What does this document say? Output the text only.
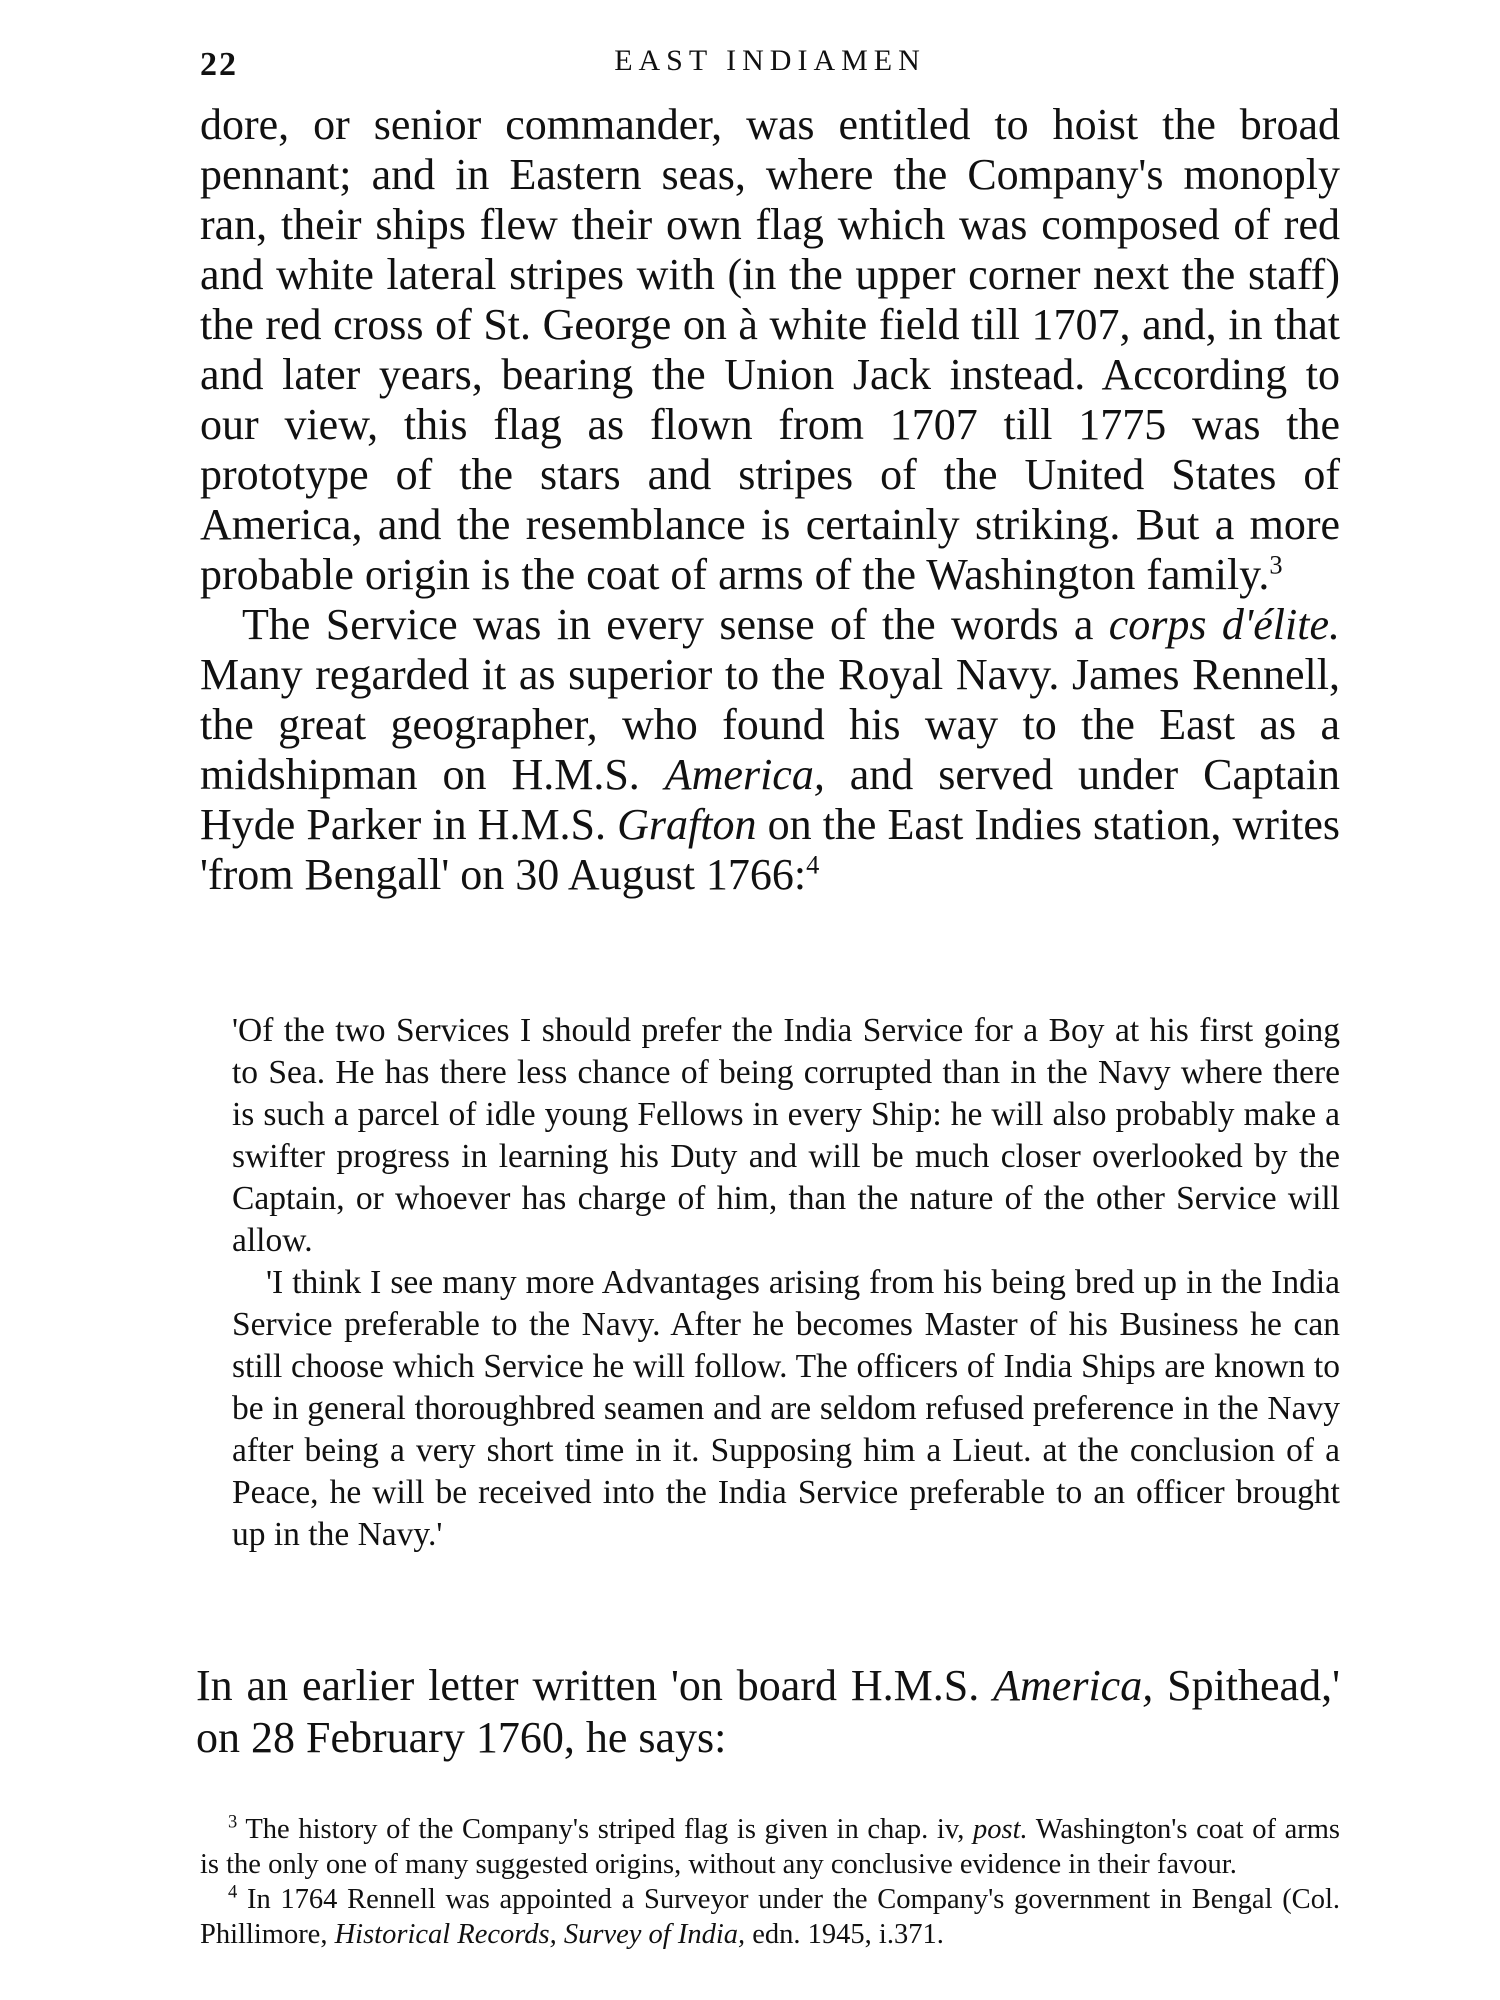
22	EAST INDIAMEN

dore, or senior commander, was entitled to hoist the broad pennant; and in Eastern seas, where the Company's monoply ran, their ships flew their own flag which was composed of red and white lateral stripes with (in the upper corner next the staff) the red cross of St. George on à white field till 1707, and, in that and later years, bearing the Union Jack instead. According to our view, this flag as flown from 1707 till 1775 was the prototype of the stars and stripes of the United States of America, and the resemblance is certainly striking. But a more probable origin is the coat of arms of the Washington family.$^3$

The Service was in every sense of the words a corps d'élite. Many regarded it as superior to the Royal Navy. James Rennell, the great geographer, who found his way to the East as a midshipman on H.M.S. America, and served under Captain Hyde Parker in H.M.S. Grafton on the East Indies station, writes 'from Bengall' on 30 August 1766:$^4$

'Of the two Services I should prefer the India Service for a Boy at his first going to Sea. He has there less chance of being corrupted than in the Navy where there is such a parcel of idle young Fellows in every Ship: he will also probably make a swifter progress in learning his Duty and will be much closer overlooked by the Captain, or whoever has charge of him, than the nature of the other Service will allow.

'I think I see many more Advantages arising from his being bred up in the India Service preferable to the Navy. After he becomes Master of his Business he can still choose which Service he will follow. The officers of India Ships are known to be in general thoroughbred seamen and are seldom refused preference in the Navy after being a very short time in it. Supposing him a Lieut. at the conclusion of a Peace, he will be received into the India Service preferable to an officer brought up in the Navy.'

In an earlier letter written 'on board H.M.S. America, Spithead,' on 28 February 1760, he says:

$^3$ The history of the Company's striped flag is given in chap. iv, post. Washington's coat of arms is the only one of many suggested origins, without any conclusive evidence in their favour.

$^4$ In 1764 Rennell was appointed a Surveyor under the Company's government in Bengal (Col. Phillimore, Historical Records, Survey of India, edn. 1945, i.371.
